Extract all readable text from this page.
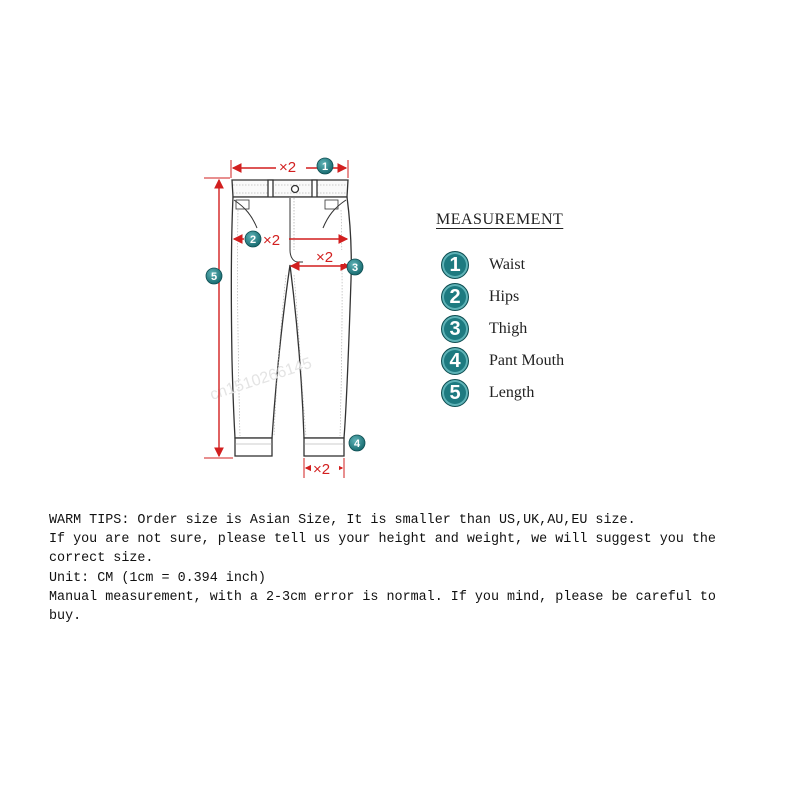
cn1510266145
×2 1
2 ×2
×2
3
×2
4
5
MEASUREMENT
1	Waist
2	Hips
3	Thigh
4	Pant Mouth
5	Length

WARM TIPS: Order size is Asian Size, It is smaller than US,UK,AU,EU size.

If you are not sure, please tell us your height and weight, we will suggest you the correct size.

Unit: CM (1cm = 0.394 inch)

Manual measurement, with a 2-3cm error is normal. If you mind, please be careful to buy.
